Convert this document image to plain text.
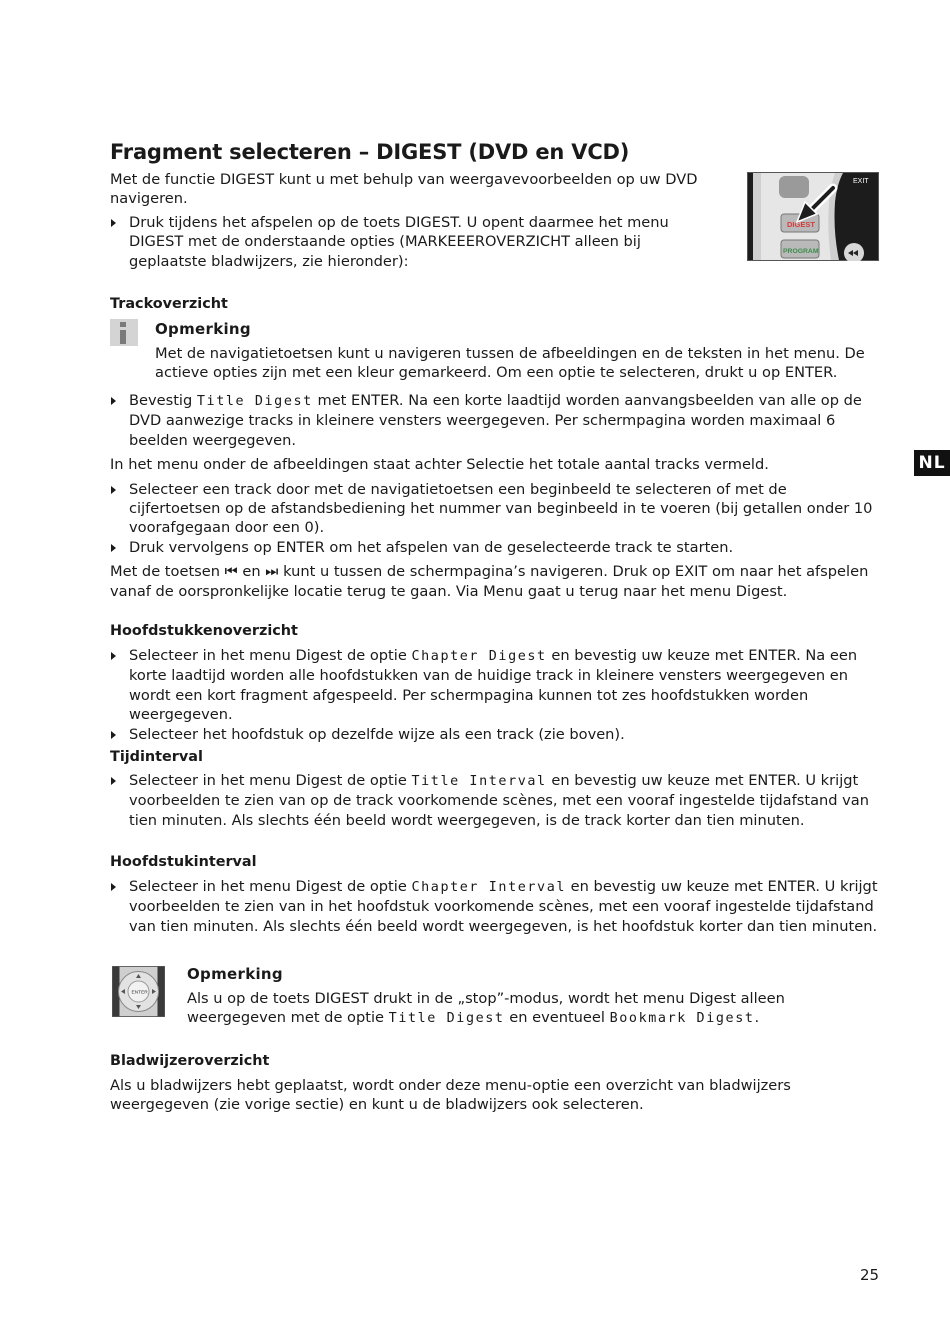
Fragment selecteren – DIGEST (DVD en VCD)

Met de functie DIGEST kunt u met behulp van weergavevoorbeelden op uw DVD navigeren.

Druk tijdens het afspelen op de toets DIGEST. U opent daarmee het menu DIGEST met de onderstaande opties (MARKEEEROVERZICHT alleen bij geplaatste bladwijzers, zie hieronder):
DIGEST
PROGRAM
EXIT
Trackoverzicht
Opmerking

Met de navigatietoetsen kunt u navigeren tussen de afbeeldingen en de teksten in het menu. De actieve opties zijn met een kleur gemarkeerd. Om een optie te selecteren, drukt u op ENTER.

Bevestig Title Digest met ENTER. Na een korte laadtijd worden aanvangsbeelden van alle op de DVD aanwezige tracks in kleinere vensters weergegeven. Per schermpagina worden maximaal 6 beelden weergegeven.

In het menu onder de afbeeldingen staat achter Selectie het totale aantal tracks vermeld.

Selecteer een track door met de navigatietoetsen een beginbeeld te selecteren of met de cijfertoetsen op de afstandsbediening het nummer van beginbeeld in te voeren (bij getallen onder 10 voorafgegaan door een 0).
Druk vervolgens op ENTER om het afspelen van de geselecteerde track te starten.

Met de toetsen ⏮ en ⏭ kunt u tussen de schermpagina’s navigeren. Druk op EXIT om naar het afspelen vanaf de oorspronkelijke locatie terug te gaan. Via Menu gaat u terug naar het menu Digest.

Hoofdstukkenoverzicht
Selecteer in het menu Digest de optie Chapter Digest en bevestig uw keuze met ENTER. Na een korte laadtijd worden alle hoofdstukken van de huidige track in kleinere vensters weergegeven en wordt een kort fragment afgespeeld. Per schermpagina kunnen tot zes hoofdstukken worden weergegeven.
Selecteer het hoofdstuk op dezelfde wijze als een track (zie boven).
Tijdinterval
Selecteer in het menu Digest de optie Title Interval en bevestig uw keuze met ENTER. U krijgt voorbeelden te zien van op de track voorkomende scènes, met een vooraf ingestelde tijdafstand van tien minuten. Als slechts één beeld wordt weergegeven, is de track korter dan tien minuten.
Hoofdstukinterval
Selecteer in het menu Digest de optie Chapter Interval en bevestig uw keuze met ENTER. U krijgt voorbeelden te zien van in het hoofdstuk voorkomende scènes, met een vooraf ingestelde tijdafstand van tien minuten. Als slechts één beeld wordt weergegeven, is het hoofdstuk korter dan tien minuten.
ENTER
Opmerking

Als u op de toets DIGEST drukt in de „stop”-modus, wordt het menu Digest alleen weergegeven met de optie Title Digest en eventueel Bookmark Digest.

Bladwijzeroverzicht

Als u bladwijzers hebt geplaatst, wordt onder deze menu-optie een overzicht van bladwijzers weergegeven (zie vorige sectie) en kunt u de bladwijzers ook selecteren.

NL
25
